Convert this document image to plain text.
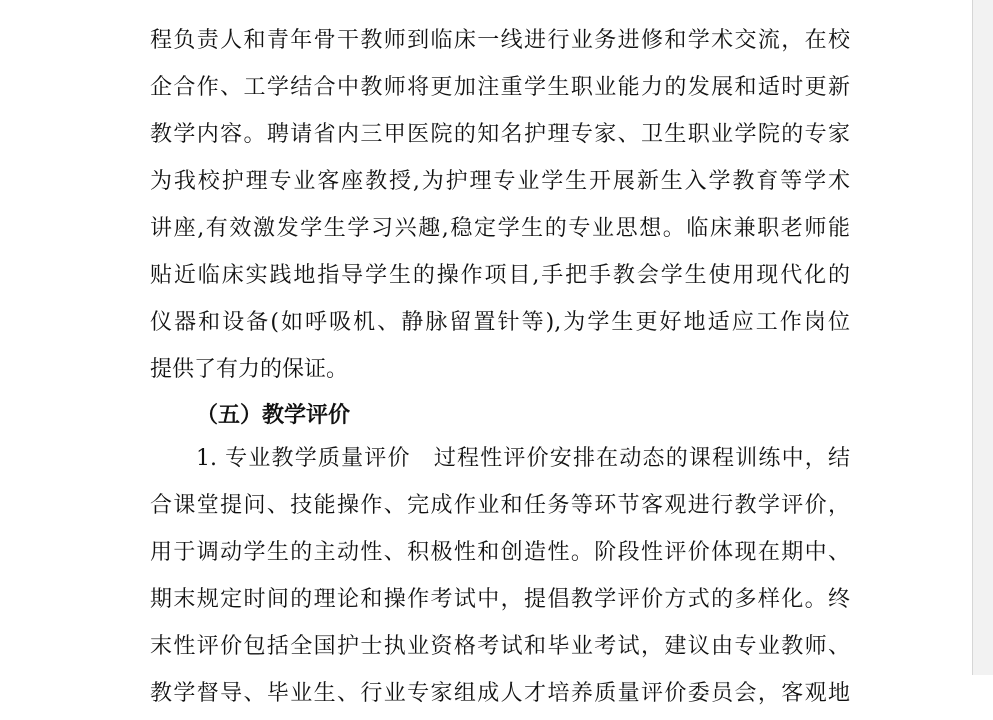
程负责人和青年骨干教师到临床一线进行业务进修和学术交流，在校
企合作、工学结合中教师将更加注重学生职业能力的发展和适时更新
教学内容。聘请省内三甲医院的知名护理专家、卫生职业学院的专家
为我校护理专业客座教授,为护理专业学生开展新生入学教育等学术
讲座,有效激发学生学习兴趣,稳定学生的专业思想。临床兼职老师能
贴近临床实践地指导学生的操作项目,手把手教会学生使用现代化的
仪器和设备(如呼吸机、静脉留置针等),为学生更好地适应工作岗位
提供了有力的保证。
（五）教学评价
1. 专业教学质量评价　过程性评价安排在动态的课程训练中，结
合课堂提问、技能操作、完成作业和任务等环节客观进行教学评价，
用于调动学生的主动性、积极性和创造性。阶段性评价体现在期中、
期末规定时间的理论和操作考试中，提倡教学评价方式的多样化。终
末性评价包括全国护士执业资格考试和毕业考试，建议由专业教师、
教学督导、毕业生、行业专家组成人才培养质量评价委员会，客观地
